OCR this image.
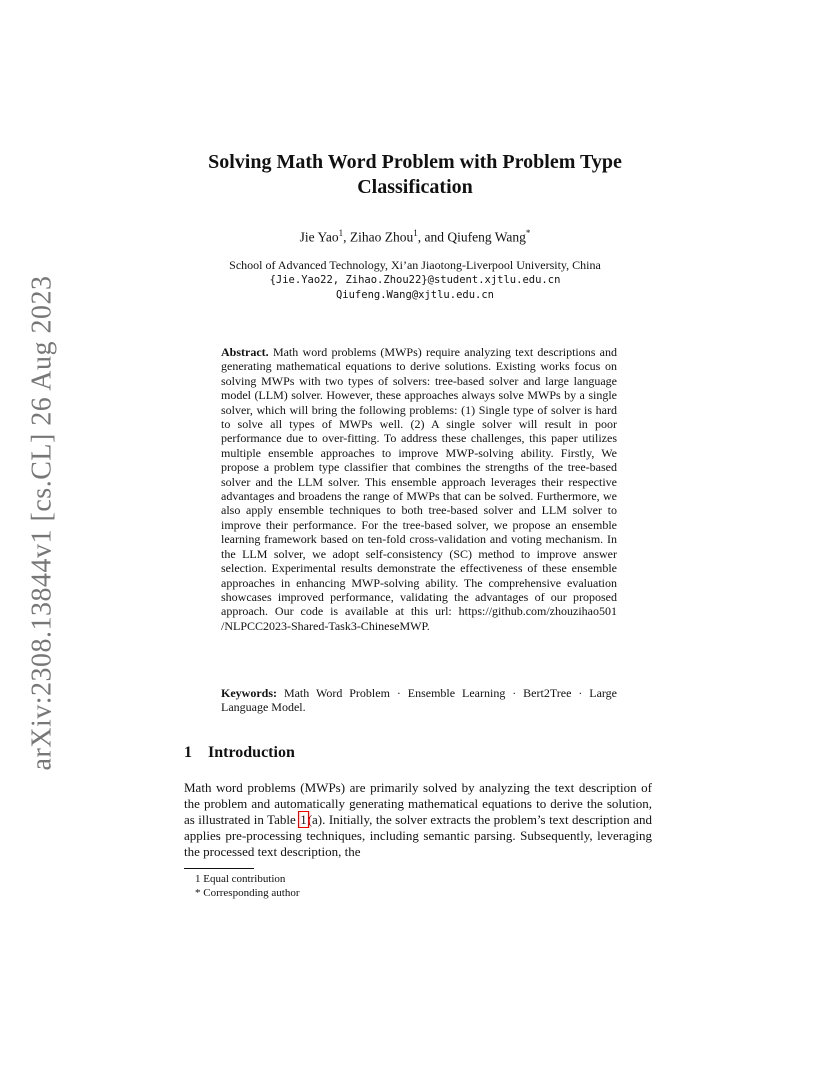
arXiv:2308.13844v1 [cs.CL] 26 Aug 2023
Solving Math Word Problem with Problem Type Classification
Jie Yao$^1$, Zihao Zhou$^1$, and Qiufeng Wang*
School of Advanced Technology, Xi’an Jiaotong-Liverpool University, China
{Jie.Yao22, Zihao.Zhou22}@student.xjtlu.edu.cn
Qiufeng.Wang@xjtlu.edu.cn
Abstract. Math word problems (MWPs) require analyzing text descriptions and generating mathematical equations to derive solutions. Existing works focus on solving MWPs with two types of solvers: tree-based solver and large language model (LLM) solver. However, these approaches always solve MWPs by a single solver, which will bring the following problems: (1) Single type of solver is hard to solve all types of MWPs well. (2) A single solver will result in poor performance due to over-fitting. To address these challenges, this paper utilizes multiple ensemble approaches to improve MWP-solving ability. Firstly, We propose a problem type classifier that combines the strengths of the tree-based solver and the LLM solver. This ensemble approach leverages their respective advantages and broadens the range of MWPs that can be solved. Furthermore, we also apply ensemble techniques to both tree-based solver and LLM solver to improve their performance. For the tree-based solver, we propose an ensemble learning framework based on ten-fold cross-validation and voting mechanism. In the LLM solver, we adopt self-consistency (SC) method to improve answer selection. Experimental results demonstrate the effectiveness of these ensemble approaches in enhancing MWP-solving ability. The comprehensive evaluation showcases improved performance, validating the advantages of our proposed approach. Our code is available at this url: https://github.com/zhouzihao501 /NLPCC2023-Shared-Task3-ChineseMWP.
Keywords: Math Word Problem · Ensemble Learning · Bert2Tree · Large Language Model.
1 Introduction
Math word problems (MWPs) are primarily solved by analyzing the text description of the problem and automatically generating mathematical equations to derive the solution, as illustrated in Table 1(a). Initially, the solver extracts the problem’s text description and applies pre-processing techniques, including semantic parsing. Subsequently, leveraging the processed text description, the
1 Equal contribution
* Corresponding author
